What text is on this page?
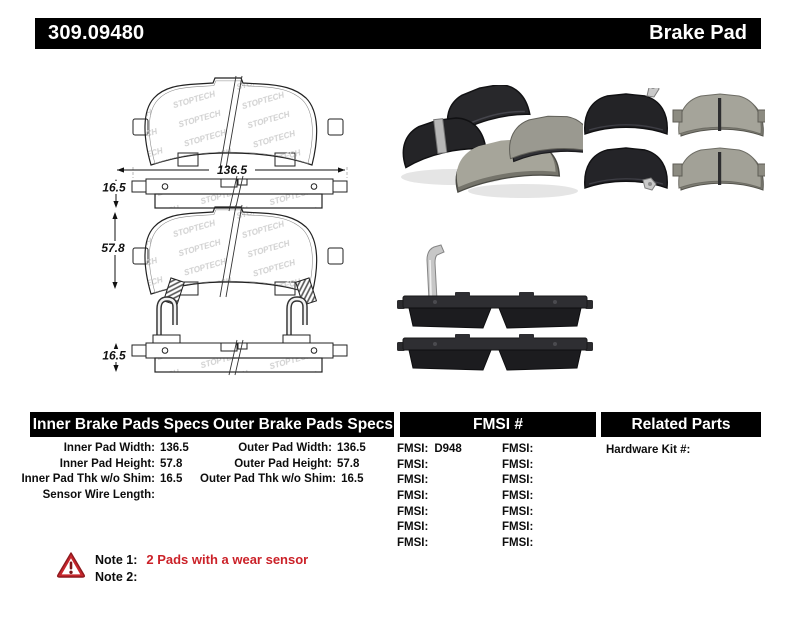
309.09480	Brake Pad
136.5
16.5
57.8
16.5
Inner Brake Pads Specs Outer Brake Pads Specs	FMSI #	Related Parts
Inner Pad Width: 136.5
Inner Pad Height: 57.8
Inner Pad Thk w/o Shim: 16.5
Sensor Wire Length:
Outer Pad Width: 136.5
Outer Pad Height: 57.8
Outer Pad Thk w/o Shim: 16.5
FMSI: D948
FMSI:
FMSI:
FMSI:
FMSI:
FMSI:
FMSI:
FMSI:
FMSI:
FMSI:
FMSI:
FMSI:
FMSI:
FMSI:
Hardware Kit #:
Note 1: 2 Pads with a wear sensor
Note 2:
